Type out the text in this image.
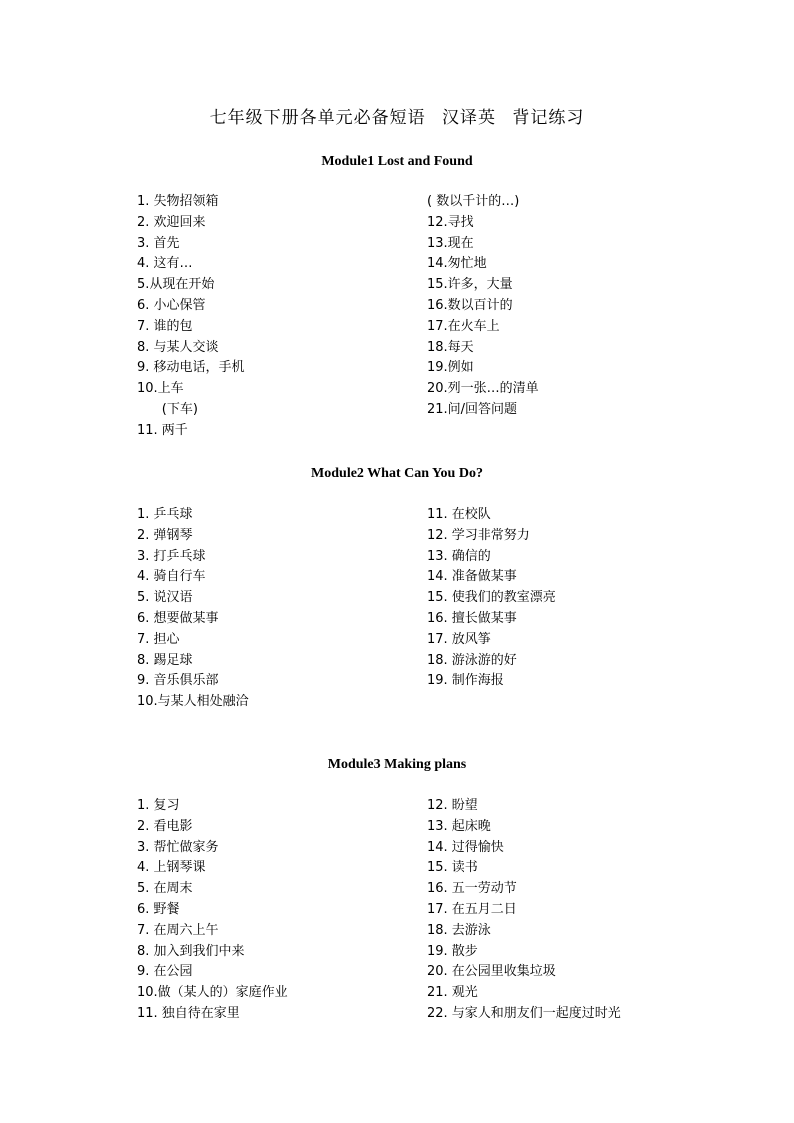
七年级下册各单元必备短语 汉译英 背记练习
Module1 Lost and Found
1. 失物招领箱
2. 欢迎回来
3. 首先
4. 这有…
5.从现在开始
6. 小心保管
7. 谁的包
8. 与某人交谈
9. 移动电话，手机
10.上车
(下车)
11. 两千
( 数以千计的…)
12.寻找
13.现在
14.匆忙地
15.许多，大量
16.数以百计的
17.在火车上
18.每天
19.例如
20.列一张…的清单
21.问/回答问题
Module2 What Can You Do?
1. 乒乓球
2. 弹钢琴
3. 打乒乓球
4. 骑自行车
5. 说汉语
6. 想要做某事
7. 担心
8. 踢足球
9. 音乐俱乐部
10.与某人相处融洽
11. 在校队
12. 学习非常努力
13. 确信的
14. 准备做某事
15. 使我们的教室漂亮
16. 擅长做某事
17. 放风筝
18. 游泳游的好
19. 制作海报
Module3 Making plans
1. 复习
2. 看电影
3. 帮忙做家务
4. 上钢琴课
5. 在周末
6. 野餐
7. 在周六上午
8. 加入到我们中来
9. 在公园
10.做（某人的）家庭作业
11. 独自待在家里
12. 盼望
13. 起床晚
14. 过得愉快
15. 读书
16. 五一劳动节
17. 在五月二日
18. 去游泳
19. 散步
20. 在公园里收集垃圾
21. 观光
22. 与家人和朋友们一起度过时光
